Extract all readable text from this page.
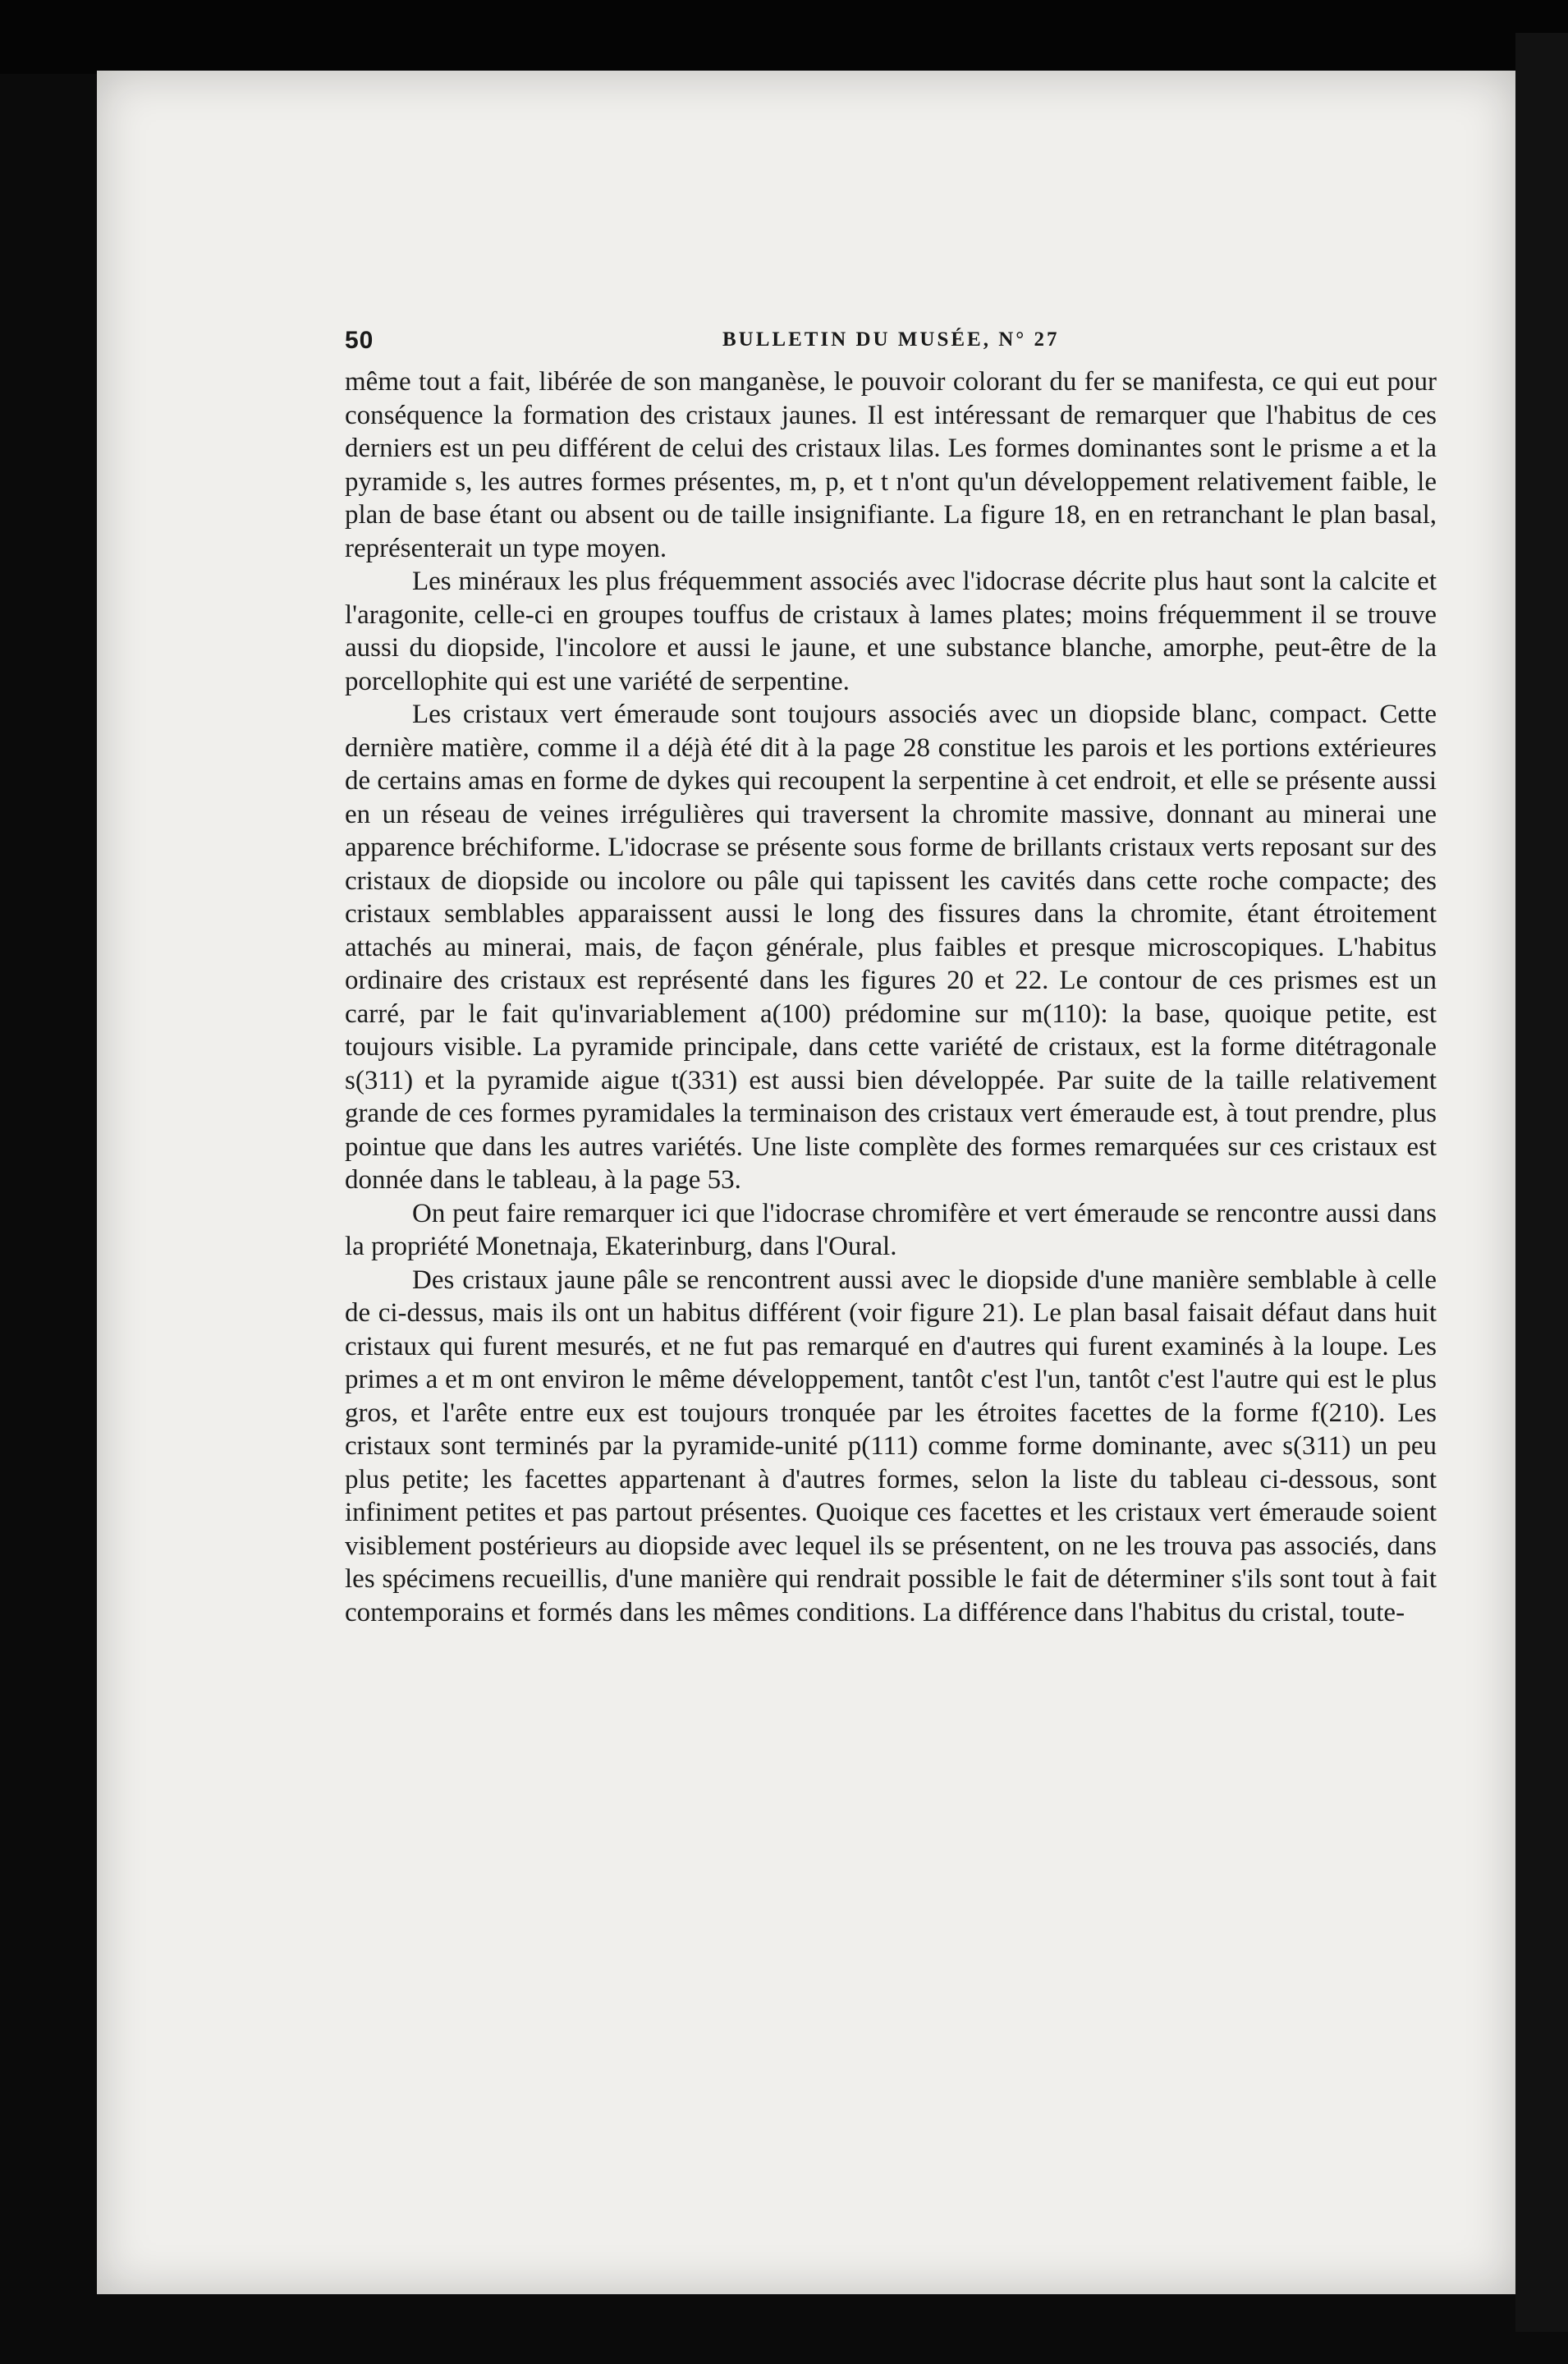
50	BULLETIN DU MUSÉE, N° 27

même tout a fait, libérée de son manganèse, le pouvoir colorant du fer se manifesta, ce qui eut pour conséquence la formation des cristaux jaunes. Il est intéressant de remarquer que l'habitus de ces derniers est un peu différent de celui des cristaux lilas. Les formes dominantes sont le prisme a et la pyramide s, les autres formes présentes, m, p, et t n'ont qu'un développement relativement faible, le plan de base étant ou absent ou de taille insignifiante. La figure 18, en en retranchant le plan basal, représenterait un type moyen.

Les minéraux les plus fréquemment associés avec l'idocrase décrite plus haut sont la calcite et l'aragonite, celle-ci en groupes touffus de cristaux à lames plates; moins fréquemment il se trouve aussi du diopside, l'incolore et aussi le jaune, et une substance blanche, amorphe, peut-être de la porcellophite qui est une variété de serpentine.

Les cristaux vert émeraude sont toujours associés avec un diopside blanc, compact. Cette dernière matière, comme il a déjà été dit à la page 28 constitue les parois et les portions extérieures de certains amas en forme de dykes qui recoupent la serpentine à cet endroit, et elle se présente aussi en un réseau de veines irrégulières qui traversent la chromite massive, donnant au minerai une apparence bréchiforme. L'idocrase se présente sous forme de brillants cristaux verts reposant sur des cristaux de diopside ou incolore ou pâle qui tapissent les cavités dans cette roche compacte; des cristaux semblables apparaissent aussi le long des fissures dans la chromite, étant étroitement attachés au minerai, mais, de façon générale, plus faibles et presque microscopiques. L'habitus ordinaire des cristaux est représenté dans les figures 20 et 22. Le contour de ces prismes est un carré, par le fait qu'invariablement a(100) prédomine sur m(110): la base, quoique petite, est toujours visible. La pyramide principale, dans cette variété de cristaux, est la forme ditétragonale s(311) et la pyramide aigue t(331) est aussi bien développée. Par suite de la taille relativement grande de ces formes pyramidales la terminaison des cristaux vert émeraude est, à tout prendre, plus pointue que dans les autres variétés. Une liste complète des formes remarquées sur ces cristaux est donnée dans le tableau, à la page 53.

On peut faire remarquer ici que l'idocrase chromifère et vert émeraude se rencontre aussi dans la propriété Monetnaja, Ekaterinburg, dans l'Oural.

Des cristaux jaune pâle se rencontrent aussi avec le diopside d'une manière semblable à celle de ci-dessus, mais ils ont un habitus différent (voir figure 21). Le plan basal faisait défaut dans huit cristaux qui furent mesurés, et ne fut pas remarqué en d'autres qui furent examinés à la loupe. Les primes a et m ont environ le même développement, tantôt c'est l'un, tantôt c'est l'autre qui est le plus gros, et l'arête entre eux est toujours tronquée par les étroites facettes de la forme f(210). Les cristaux sont terminés par la pyramide-unité p(111) comme forme dominante, avec s(311) un peu plus petite; les facettes appartenant à d'autres formes, selon la liste du tableau ci-dessous, sont infiniment petites et pas partout présentes. Quoique ces facettes et les cristaux vert émeraude soient visiblement postérieurs au diopside avec lequel ils se présentent, on ne les trouva pas associés, dans les spécimens recueillis, d'une manière qui rendrait possible le fait de déterminer s'ils sont tout à fait contemporains et formés dans les mêmes conditions. La différence dans l'habitus du cristal, toute-
